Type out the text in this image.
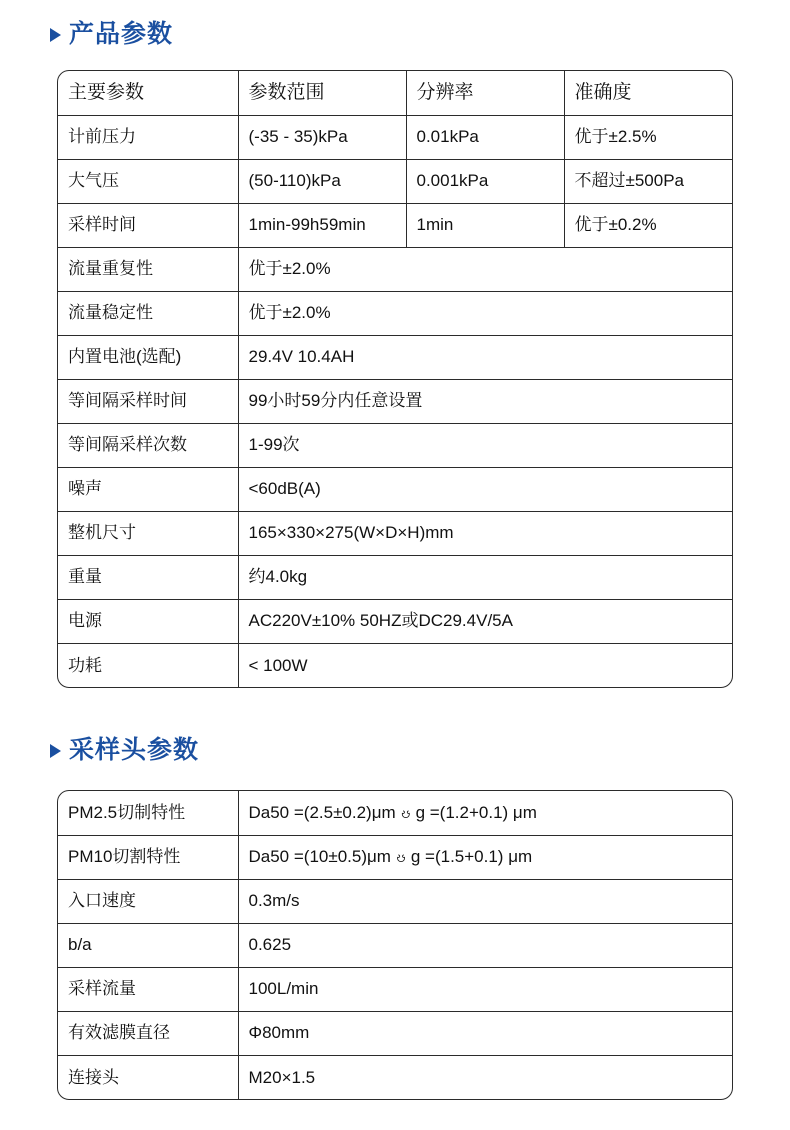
产品参数
主要参数	参数范围	分辨率	准确度
计前压力	(-35 - 35)kPa	0.01kPa	优于±2.5%
大气压	(50-110)kPa	0.001kPa	不超过±500Pa
采样时间	1min-99h59min	1min	优于±0.2%
流量重复性	优于±2.0%		
流量稳定性	优于±2.0%		
内置电池(选配)	29.4V 10.4AH		
等间隔采样时间	99小时59分内任意设置		
等间隔采样次数	1-99次		
噪声	<60dB(A)		
整机尺寸	165×330×275(W×D×H)mm		
重量	约4.0kg		
电源	AC220V±10% 50HZ或DC29.4V/5A		
功耗	< 100W		
采样头参数
PM2.5切制特性	Da50 =(2.5±0.2)μm ၓ g =(1.2+0.1) μm
PM10切割特性	Da50 =(10±0.5)μm ၓ g =(1.5+0.1) μm
入口速度	0.3m/s
b/a	0.625
采样流量	100L/min
有效滤膜直径	Φ80mm
连接头	M20×1.5
